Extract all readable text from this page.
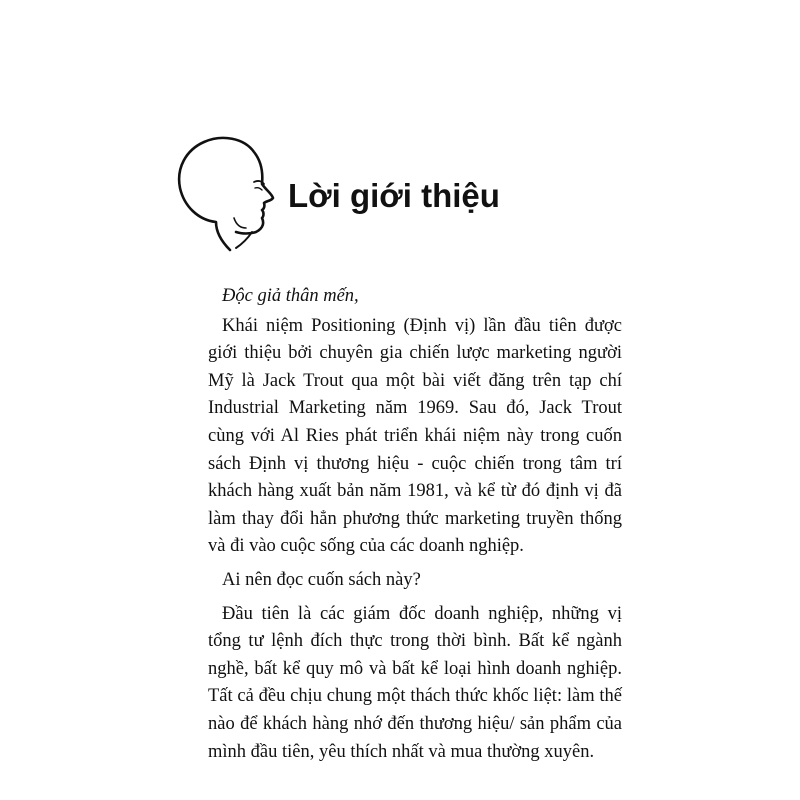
Lời giới thiệu

Độc giả thân mến,

Khái niệm Positioning (Định vị) lần đầu tiên được giới thiệu bởi chuyên gia chiến lược marketing người Mỹ là Jack Trout qua một bài viết đăng trên tạp chí Industrial Marketing năm 1969. Sau đó, Jack Trout cùng với Al Ries phát triển khái niệm này trong cuốn sách Định vị thương hiệu - cuộc chiến trong tâm trí khách hàng xuất bản năm 1981, và kể từ đó định vị đã làm thay đổi hẳn phương thức marketing truyền thống và đi vào cuộc sống của các doanh nghiệp.

Ai nên đọc cuốn sách này?

Đầu tiên là các giám đốc doanh nghiệp, những vị tổng tư lệnh đích thực trong thời bình. Bất kể ngành nghề, bất kể quy mô và bất kể loại hình doanh nghiệp. Tất cả đều chịu chung một thách thức khốc liệt: làm thế nào để khách hàng nhớ đến thương hiệu/ sản phẩm của mình đầu tiên, yêu thích nhất và mua thường xuyên.
